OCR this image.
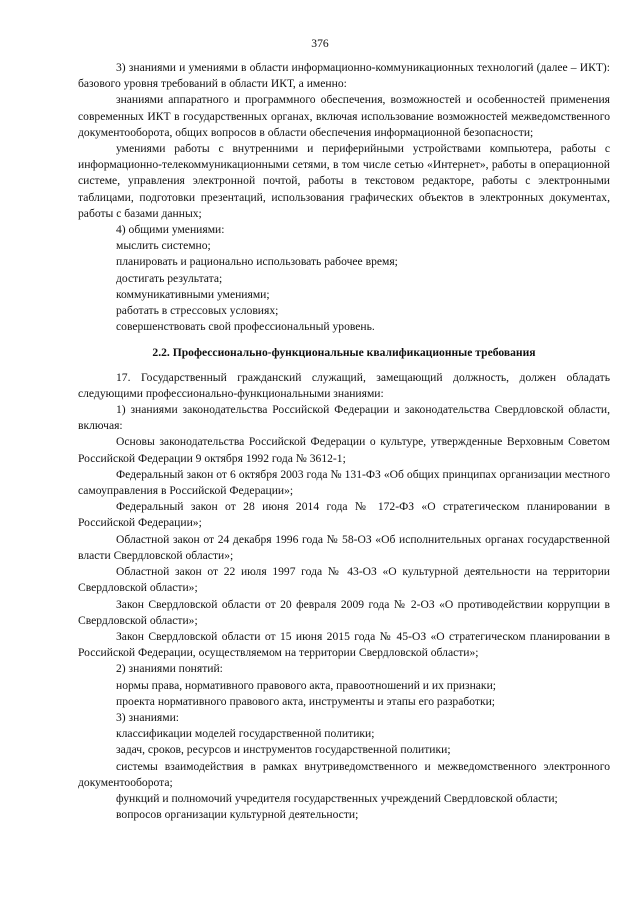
376

3) знаниями и умениями в области информационно-коммуникационных технологий (далее – ИКТ): базового уровня требований в области ИКТ, а именно:

знаниями аппаратного и программного обеспечения, возможностей и особенностей применения современных ИКТ в государственных органах, включая использование возможностей межведомственного документооборота, общих вопросов в области обеспечения информационной безопасности;

умениями работы с внутренними и периферийными устройствами компьютера, работы с информационно-телекоммуникационными сетями, в том числе сетью «Интернет», работы в операционной системе, управления электронной почтой, работы в текстовом редакторе, работы с электронными таблицами, подготовки презентаций, использования графических объектов в электронных документах, работы с базами данных;

4) общими умениями:

мыслить системно;

планировать и рационально использовать рабочее время;

достигать результата;

коммуникативными умениями;

работать в стрессовых условиях;

совершенствовать свой профессиональный уровень.

2.2. Профессионально-функциональные квалификационные требования

17. Государственный гражданский служащий, замещающий должность, должен обладать следующими профессионально-функциональными знаниями:

1) знаниями законодательства Российской Федерации и законодательства Свердловской области, включая:

Основы законодательства Российской Федерации о культуре, утвержденные Верховным Советом Российской Федерации 9 октября 1992 года № 3612-1;

Федеральный закон от 6 октября 2003 года № 131-ФЗ «Об общих принципах организации местного самоуправления в Российской Федерации»;

Федеральный закон от 28 июня 2014 года № 172-ФЗ «О стратегическом планировании в Российской Федерации»;

Областной закон от 24 декабря 1996 года № 58-ОЗ «Об исполнительных органах государственной власти Свердловской области»;

Областной закон от 22 июля 1997 года № 43-ОЗ «О культурной деятельности на территории Свердловской области»;

Закон Свердловской области от 20 февраля 2009 года № 2-ОЗ «О противодействии коррупции в Свердловской области»;

Закон Свердловской области от 15 июня 2015 года № 45-ОЗ «О стратегическом планировании в Российской Федерации, осуществляемом на территории Свердловской области»;

2) знаниями понятий:

нормы права, нормативного правового акта, правоотношений и их признаки;

проекта нормативного правового акта, инструменты и этапы его разработки;

3) знаниями:

классификации моделей государственной политики;

задач, сроков, ресурсов и инструментов государственной политики;

системы взаимодействия в рамках внутриведомственного и межведомственного электронного документооборота;

функций и полномочий учредителя государственных учреждений Свердловской области;

вопросов организации культурной деятельности;
